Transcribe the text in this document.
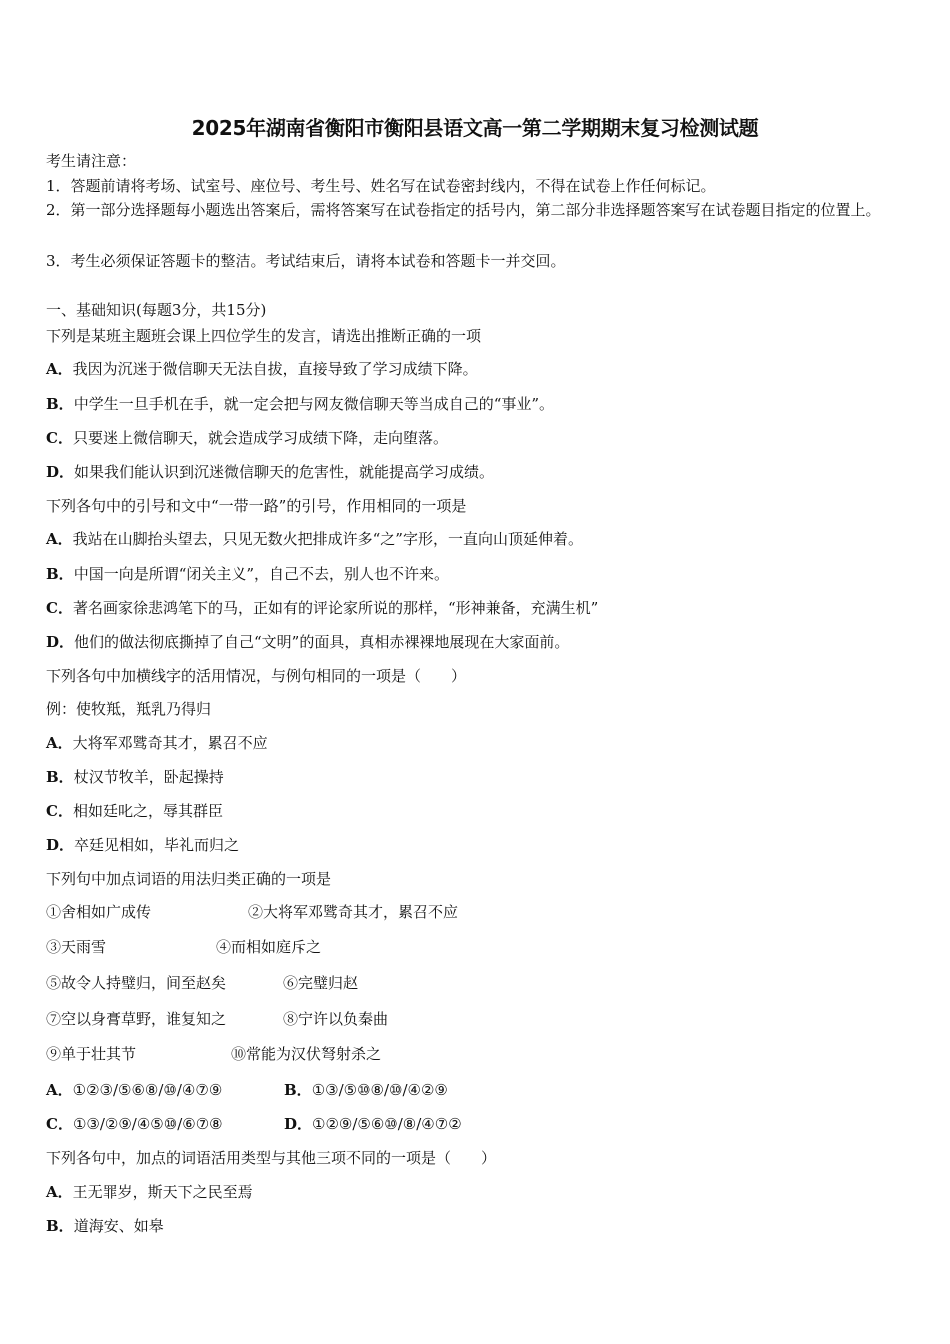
2025年湖南省衡阳市衡阳县语文高一第二学期期末复习检测试题
考生请注意：
1．答题前请将考场、试室号、座位号、考生号、姓名写在试卷密封线内，不得在试卷上作任何标记。
2．第一部分选择题每小题选出答案后，需将答案写在试卷指定的括号内，第二部分非选择题答案写在试卷题目指定的位置上。
3．考生必须保证答题卡的整洁。考试结束后，请将本试卷和答题卡一并交回。
一、基础知识(每题3分，共15分)
下列是某班主题班会课上四位学生的发言，请选出推断正确的一项
A．我因为沉迷于微信聊天无法自拔，直接导致了学习成绩下降。
B．中学生一旦手机在手，就一定会把与网友微信聊天等当成自己的“事业”。
C．只要迷上微信聊天，就会造成学习成绩下降，走向堕落。
D．如果我们能认识到沉迷微信聊天的危害性，就能提高学习成绩。
下列各句中的引号和文中“一带一路”的引号，作用相同的一项是
A．我站在山脚抬头望去，只见无数火把排成许多“之”字形，一直向山顶延伸着。
B．中国一向是所谓“闭关主义”，自己不去，别人也不许来。
C．著名画家徐悲鸿笔下的马，正如有的评论家所说的那样，“形神兼备，充满生机”
D．他们的做法彻底撕掉了自己“文明”的面具，真相赤裸裸地展现在大家面前。
下列各句中加横线字的活用情况，与例句相同的一项是（　　）
例：使牧羝，羝乳乃得归
A．大将军邓骘奇其才，累召不应
B．杖汉节牧羊，卧起操持
C．相如廷叱之，辱其群臣
D．卒廷见相如，毕礼而归之
下列句中加点词语的用法归类正确的一项是
①舍相如广成传	②大将军邓骘奇其才，累召不应
③天雨雪	④而相如庭斥之
⑤故令人持璧归，间至赵矣	⑥完璧归赵
⑦空以身膏草野，谁复知之	⑧宁许以负秦曲
⑨单于壮其节	⑩常能为汉伏弩射杀之
A．①②③/⑤⑥⑧/⑩/④⑦⑨	B．①③/⑤⑩⑧/⑩/④②⑨
C．①③/②⑨/④⑤⑩/⑥⑦⑧	D．①②⑨/⑤⑥⑩/⑧/④⑦②
下列各句中，加点的词语活用类型与其他三项不同的一项是（　　）
A．王无罪岁，斯天下之民至焉
B．道海安、如皋
